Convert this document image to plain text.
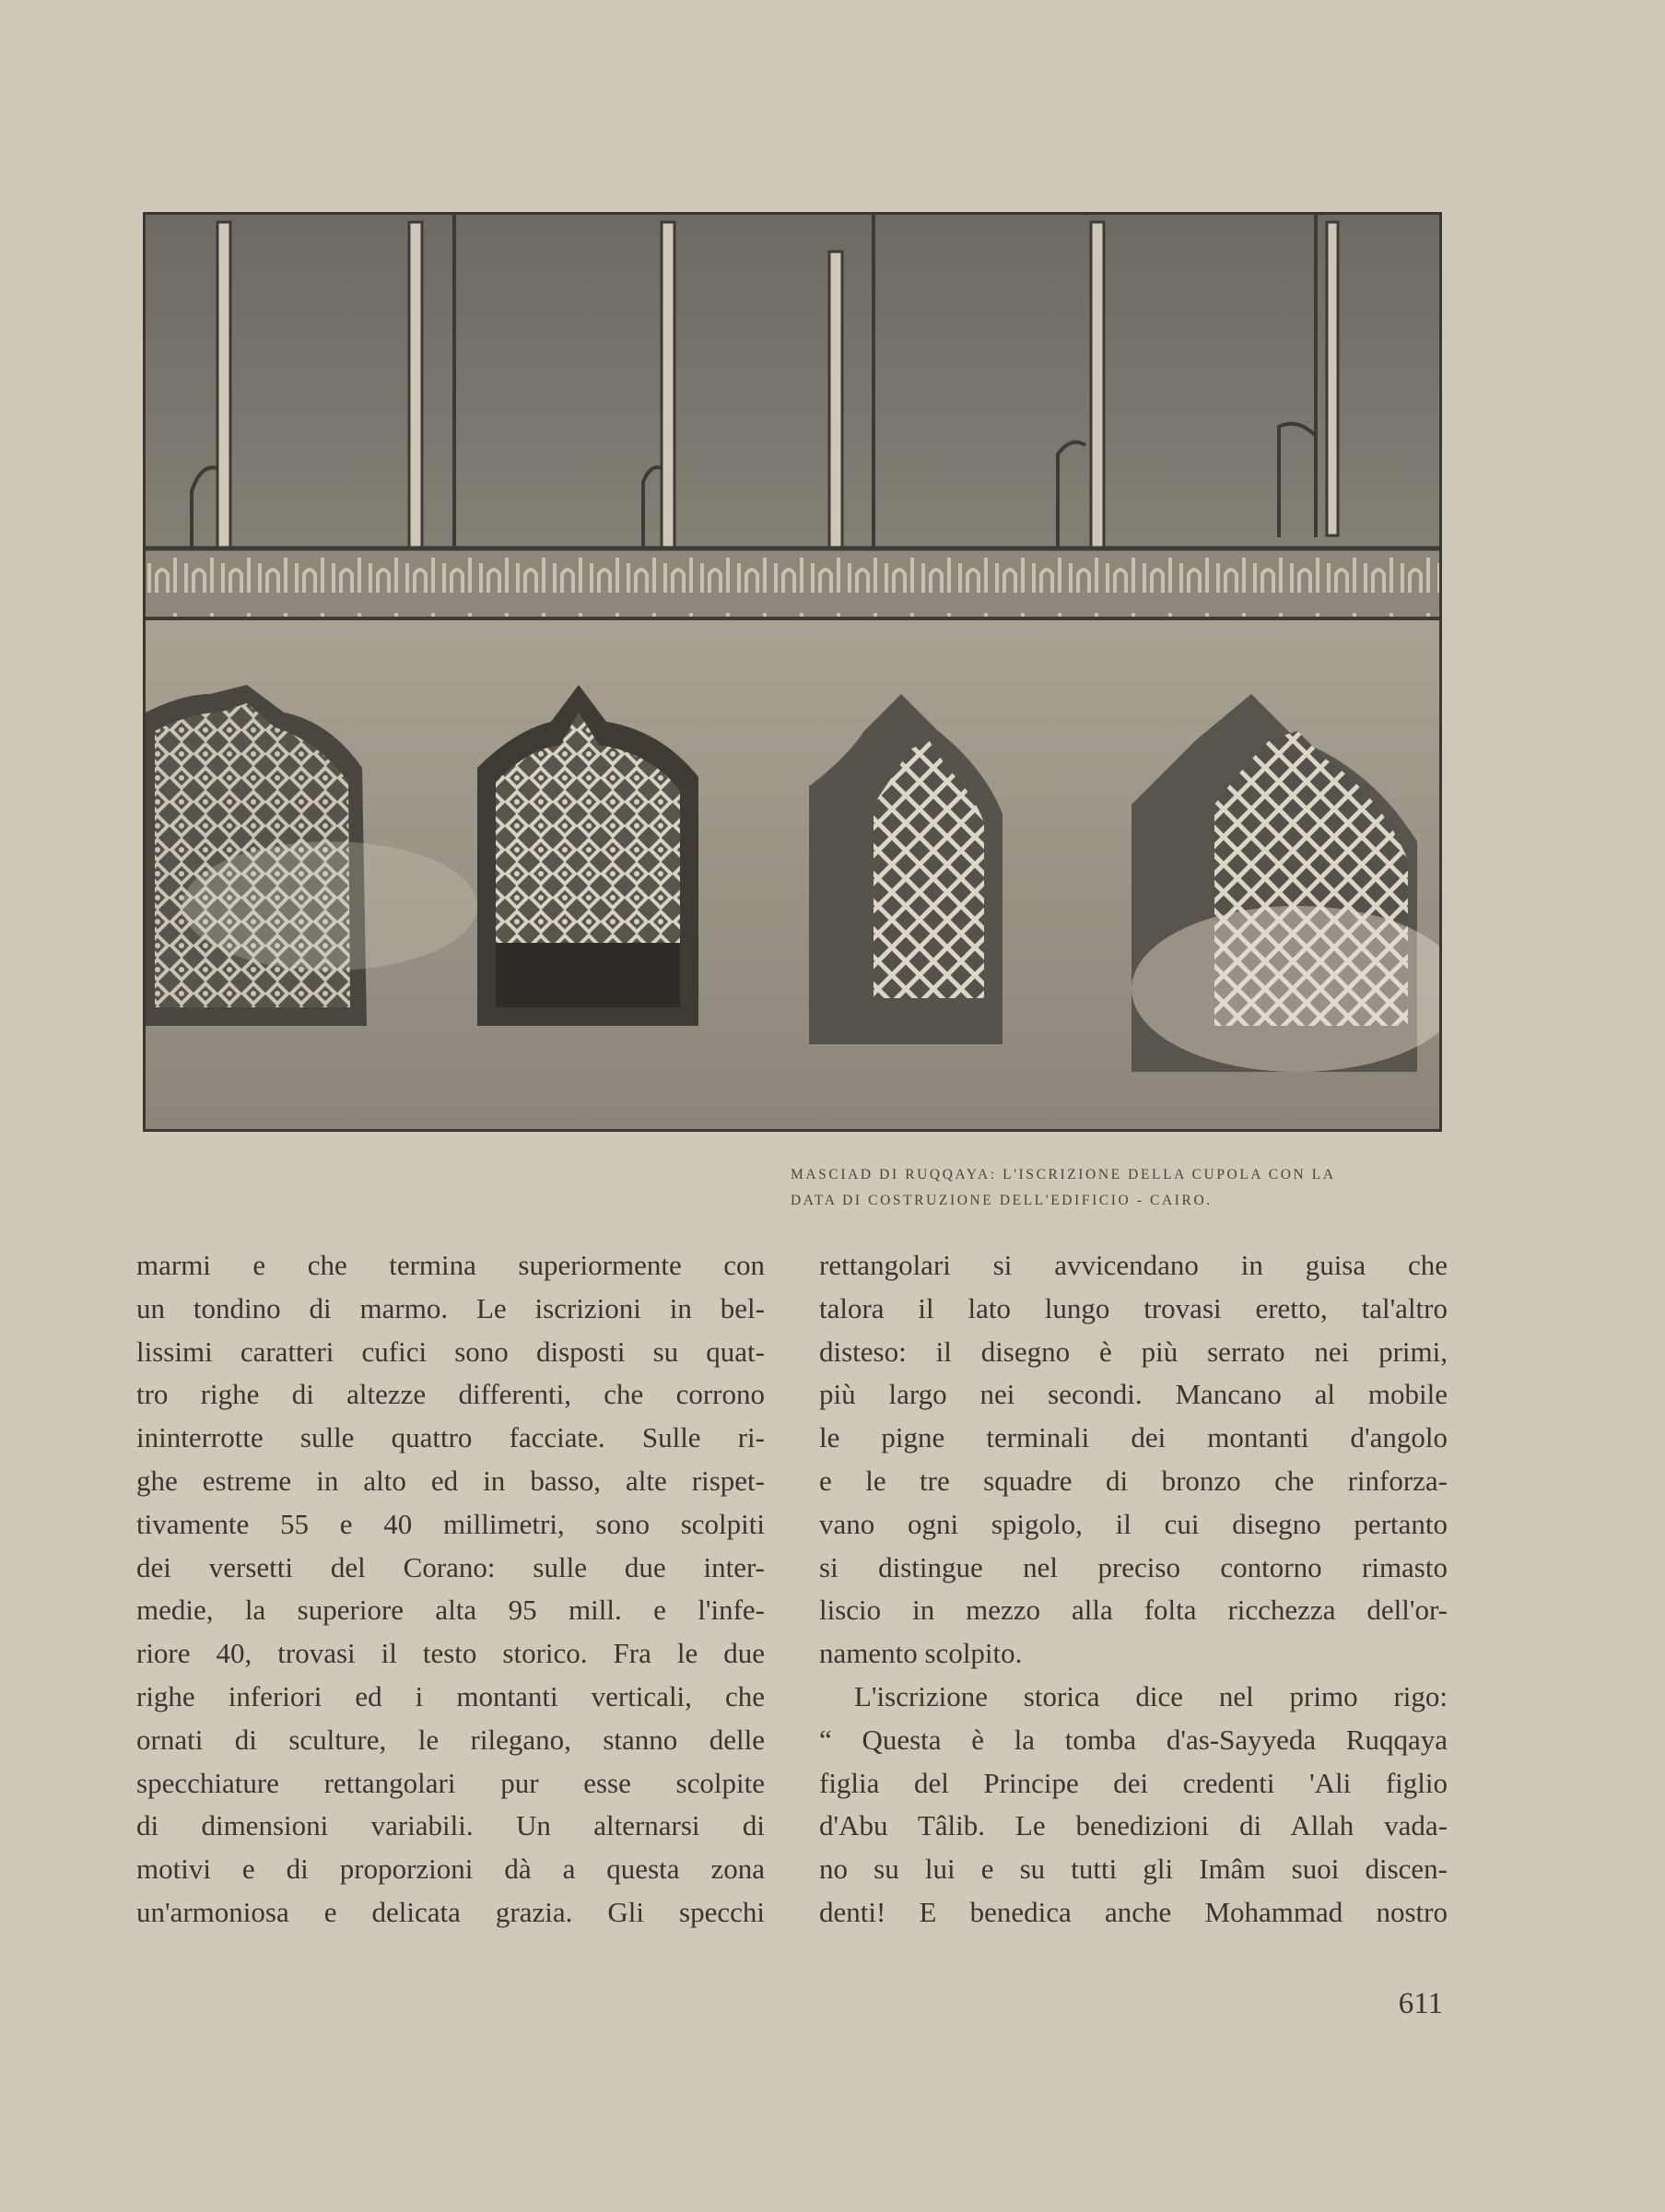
MASCIAD DI RUQQAYA: L'ISCRIZIONE DELLA CUPOLA CON LA
DATA DI COSTRUZIONE DELL'EDIFICIO - CAIRO.

marmi e che termina superiormente con
un tondino di marmo. Le iscrizioni in bel-
lissimi caratteri cufici sono disposti su quat-
tro righe di altezze differenti, che corrono
ininterrotte sulle quattro facciate. Sulle ri-
ghe estreme in alto ed in basso, alte rispet-
tivamente 55 e 40 millimetri, sono scolpiti
dei versetti del Corano: sulle due inter-
medie, la superiore alta 95 mill. e l'infe-
riore 40, trovasi il testo storico. Fra le due
righe inferiori ed i montanti verticali, che
ornati di sculture, le rilegano, stanno delle
specchiature rettangolari pur esse scolpite
di dimensioni variabili. Un alternarsi di
motivi e di proporzioni dà a questa zona
un'armoniosa e delicata grazia. Gli specchi
rettangolari si avvicendano in guisa che
talora il lato lungo trovasi eretto, tal'altro
disteso: il disegno è più serrato nei primi,
più largo nei secondi. Mancano al mobile
le pigne terminali dei montanti d'angolo
e le tre squadre di bronzo che rinforza-
vano ogni spigolo, il cui disegno pertanto
si distingue nel preciso contorno rimasto
liscio in mezzo alla folta ricchezza dell'or-
namento scolpito.
L'iscrizione storica dice nel primo rigo:
“ Questa è la tomba d'as-Sayyeda Ruqqaya
figlia del Principe dei credenti 'Ali figlio
d'Abu Tâlib. Le benedizioni di Allah vada-
no su lui e su tutti gli Imâm suoi discen-
denti! E benedica anche Mohammad nostro
611
